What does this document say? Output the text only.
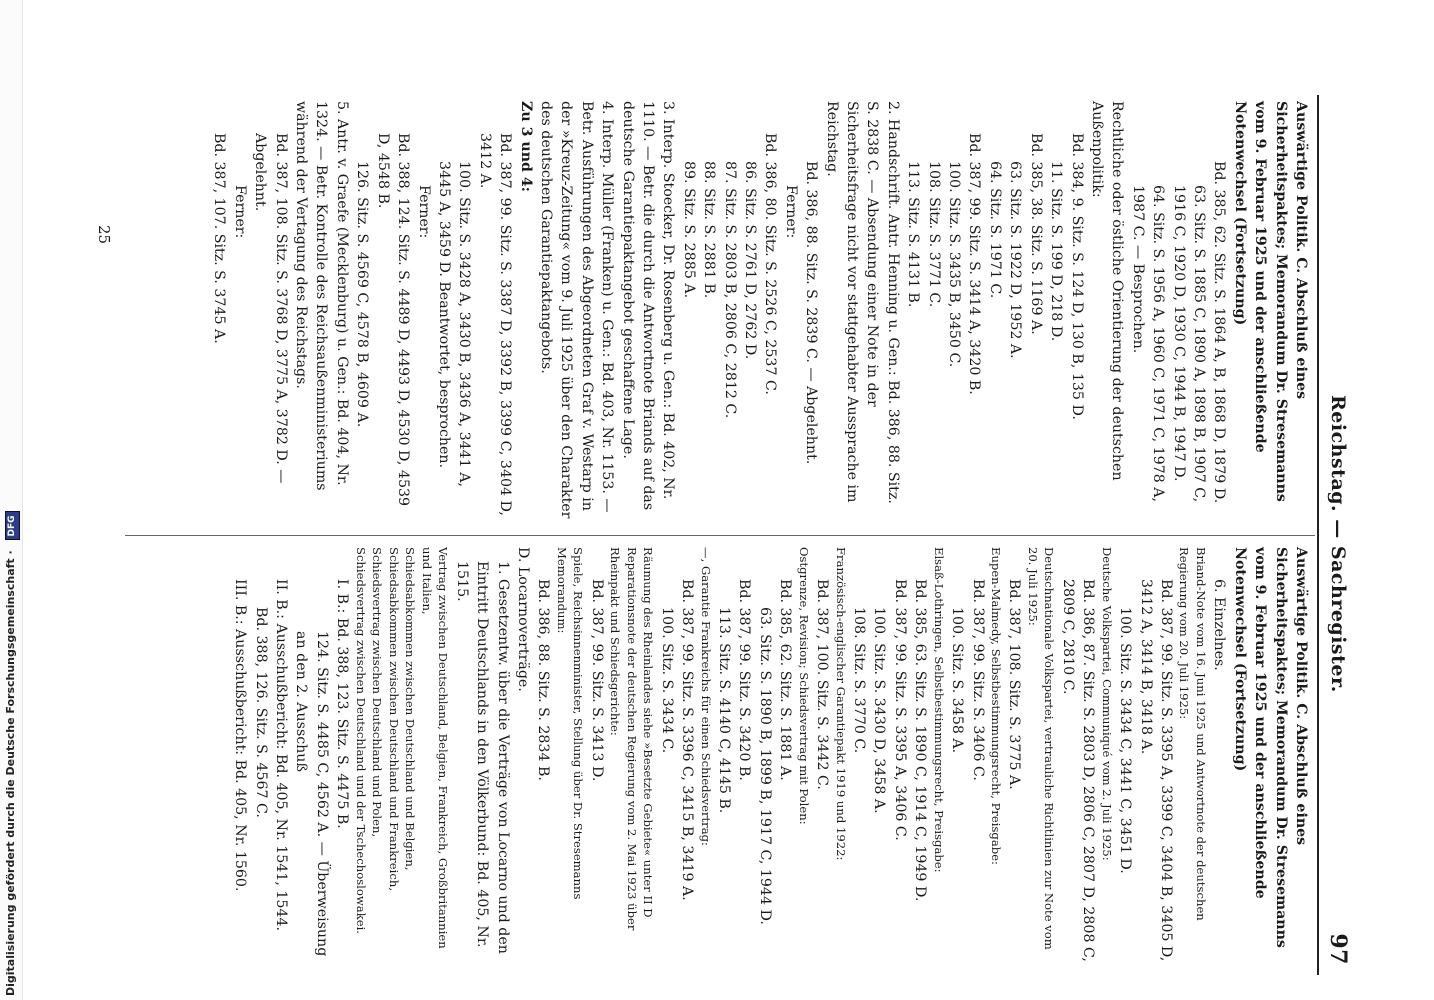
Digitalisierung gefördert durch die Deutsche Forschungsgemeinschaft · DFG	Reichstag. — Sachregister.
97

Auswärtige Politik. C. Abschluß eines Sicherheitspaktes; Memorandum Dr. Stresemanns vom 9. Februar 1925 und der anschließende Notenwechsel (Fortsetzung)

Bd. 385, 62. Sitz. S. 1864 A, B, 1868 D, 1879 D.

63. Sitz. S. 1885 C, 1890 A, 1898 B, 1907 C, 1916 C, 1920 D, 1930 C, 1944 B, 1947 D.

64. Sitz. S. 1956 A, 1960 C, 1971 C, 1978 A, 1987 C. — Besprochen.

Rechtliche oder östliche Orientierung der deutschen Außenpolitik:

Bd. 384, 9. Sitz. S. 124 D, 130 B, 135 D.

11. Sitz. S. 199 D, 218 D.

Bd. 385, 38. Sitz. S. 1169 A.

63. Sitz. S. 1922 D, 1952 A.

64. Sitz. S. 1971 C.

Bd. 387, 99. Sitz. S. 3414 A, 3420 B.

100. Sitz. S. 3435 B, 3450 C.

108. Sitz. S. 3771 C.

113. Sitz. S. 4131 B.

2. Handschrift. Antr. Henning u. Gen.: Bd. 386, 88. Sitz. S. 2838 C. — Absendung einer Note in der Sicherheitsfrage nicht vor stattgehabter Aussprache im Reichstag.

Bd. 386, 88. Sitz. S. 2839 C. — Abgelehnt.

Ferner:

Bd. 386, 80. Sitz. S. 2526 C, 2537 C.

86. Sitz. S. 2761 D, 2762 D.

87. Sitz. S. 2803 B, 2806 C, 2812 C.

88. Sitz. S. 2881 B.

89. Sitz. S. 2885 A.

3. Interp. Stoecker, Dr. Rosenberg u. Gen.: Bd. 402, Nr. 1110. — Betr. die durch die Antwortnote Briands auf das deutsche Garantiepaktangebot geschaffene Lage.

4. Interp. Müller (Franken) u. Gen.: Bd. 403, Nr. 1153. — Betr. Ausführungen des Abgeordneten Graf v. Westarp in der »Kreuz-Zeitung« vom 9. Juli 1925 über den Charakter des deutschen Garantiepaktangebots.

Zu 3 und 4:

Bd. 387, 99. Sitz. S. 3387 D, 3392 B, 3399 C, 3404 D, 3412 A.

100. Sitz. S. 3428 A, 3430 B, 3436 A, 3441 A, 3445 A, 3459 D. Beantwortet, besprochen.

Ferner:

Bd. 388, 124. Sitz. S. 4489 D, 4493 D, 4530 D, 4539 D, 4548 B.

126. Sitz. S. 4569 C, 4578 B, 4609 A.

5. Antr. v. Graefe (Mecklenburg) u. Gen.: Bd. 404, Nr. 1324. — Betr. Kontrolle des Reichsaußenministeriums während der Vertagung des Reichstags.

Bd. 387, 108. Sitz. S. 3768 D, 3775 A, 3782 D. — Abgelehnt.

Ferner:

Bd. 387, 107. Sitz. S. 3745 A.

Auswärtige Politik. C. Abschluß eines Sicherheitspaktes; Memorandum Dr. Stresemanns vom 9. Februar 1925 und der anschließende Notenwechsel (Fortsetzung)

6. Einzelnes.

Briand-Note vom 16. Juni 1925 und Antwortnote der deutschen Regierung vom 20. Juli 1925:

Bd. 387, 99. Sitz. S. 3395 A, 3399 C, 3404 B, 3405 D, 3412 A, 3414 B, 3418 A.

100. Sitz. S. 3434 C, 3441 C, 3451 D.

Deutsche Volkspartei, Communiqué vom 2. Juli 1925:

Bd. 386, 87. Sitz. S. 2803 D, 2806 C, 2807 D, 2808 C, 2809 C, 2810 C.

Deutschnationale Volkspartei, vertrauliche Richtlinien zur Note vom 20. Juli 1925:

Bd. 387, 108. Sitz. S. 3775 A.

Eupen-Malmedy, Selbstbestimmungsrecht, Preisgabe:

Bd. 387, 99. Sitz. S. 3406 C.

100. Sitz. S. 3458 A.

Elsaß-Lothringen, Selbstbestimmungsrecht, Preisgabe:

Bd. 385, 63. Sitz. S. 1890 C, 1914 C, 1949 D.

Bd. 387, 99. Sitz. S. 3395 A, 3406 C.

100. Sitz. S. 3430 D, 3458 A.

108. Sitz. S. 3770 C.

Französisch-englischer Garantiepakt 1919 und 1922:

Bd. 387, 100. Sitz. S. 3442 C.

Ostgrenze, Revision; Schiedsvertrag mit Polen:

Bd. 385, 62. Sitz. S. 1881 A.

63. Sitz. S. 1890 B, 1899 B, 1917 C, 1944 D.

Bd. 387, 99. Sitz. S. 3420 B.

113. Sitz. S. 4140 C, 4145 B.

—, Garantie Frankreichs für einen Schiedsvertrag:

Bd. 387, 99. Sitz. S. 3396 C, 3415 B, 3419 A.

100. Sitz. S. 3434 C.

Räumung des Rheinlandes siehe »Besetzte Gebiete« unter II D

Reparationsnote der deutschen Regierung vom 2. Mai 1923 über Rheinpakt und Schiedsgerichte:

Bd. 387, 99. Sitz. S. 3413 D.

Spiele, Reichsinnenminister, Stellung über Dr. Stresemanns Memorandum:

Bd. 386, 88. Sitz. S. 2834 B.

D. Locarnoverträge.

1. Gesetzentw. über die Verträge von Locarno und den Eintritt Deutschlands in den Völkerbund: Bd. 405, Nr. 1515.

Vertrag zwischen Deutschland, Belgien, Frankreich, Großbritannien und Italien,

Schiedsabkommen zwischen Deutschland und Belgien,

Schiedsabkommen zwischen Deutschland und Frankreich,

Schiedsvertrag zwischen Deutschland und Polen,

Schiedsvertrag zwischen Deutschland und der Tschechoslowakei.

I. B.: Bd. 388, 123. Sitz. S. 4475 B.

124. Sitz. S. 4485 C, 4562 A. — Überweisung an den 2. Ausschuß

II. B.: Ausschußbericht: Bd. 405, Nr. 1541, 1544.

Bd. 388, 126. Sitz. S. 4567 C.

III. B.: Ausschußbericht: Bd. 405, Nr. 1560.

25
